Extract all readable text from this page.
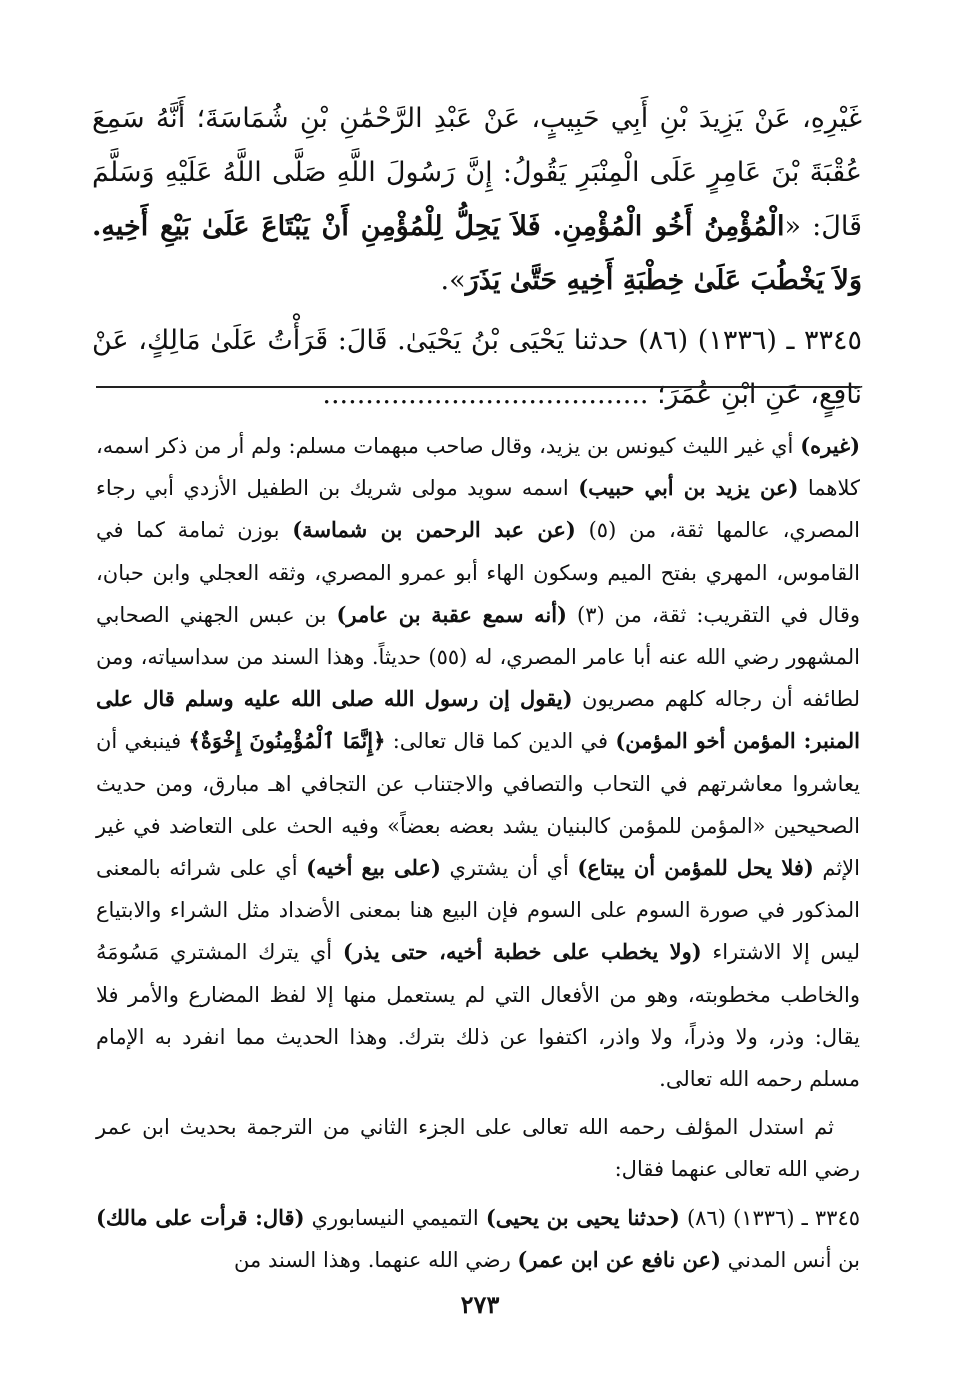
غَيْرِهِ، عَنْ يَزِيدَ بْنِ أَبِي حَبِيبٍ، عَنْ عَبْدِ الرَّحْمَٰنِ بْنِ شُمَاسَةَ؛ أَنَّهُ سَمِعَ عُقْبَةَ بْنَ عَامِرٍ عَلَى الْمِنْبَرِ يَقُولُ: إِنَّ رَسُولَ اللَّهِ صَلَّى اللَّهُ عَلَيْهِ وَسَلَّمَ قَالَ: «الْمُؤْمِنُ أَخُو الْمُؤْمِنِ. فَلاَ يَحِلُّ لِلْمُؤْمِنِ أَنْ يَبْتَاعَ عَلَىٰ بَيْعِ أَخِيهِ. وَلاَ يَخْطُبَ عَلَىٰ خِطْبَةِ أَخِيهِ حَتَّىٰ يَذَرَ».

٣٣٤٥ ـ (١٣٣٦) (٨٦) حدثنا يَحْيَى بْنُ يَحْيَىٰ. قَالَ: قَرَأْتُ عَلَىٰ مَالِكٍ، عَنْ نَافِعٍ، عَنِ ابْنِ عُمَرَ؛ ......................................

(غيره) أي غير الليث كيونس بن يزيد، وقال صاحب مبهمات مسلم: ولم أر من ذكر اسمه، كلاهما (عن يزيد بن أبي حبيب) اسمه سويد مولى شريك بن الطفيل الأزدي أبي رجاء المصري، عالمها ثقة، من (٥) (عن عبد الرحمن بن شماسة) بوزن ثمامة كما في القاموس، المهري بفتح الميم وسكون الهاء أبو عمرو المصري، وثقه العجلي وابن حبان، وقال في التقريب: ثقة، من (٣) (أنه سمع عقبة بن عامر) بن عبس الجهني الصحابي المشهور رضي الله عنه أبا عامر المصري، له (٥٥) حديثاً. وهذا السند من سداسياته، ومن لطائفه أن رجاله كلهم مصريون (يقول إن رسول الله صلى الله عليه وسلم قال على المنبر: المؤمن أخو المؤمن) في الدين كما قال تعالى: ﴿إِنَّمَا ٱلْمُؤْمِنُونَ إِخْوَةٌ﴾ فينبغي أن يعاشروا معاشرتهم في التحاب والتصافي والاجتناب عن التجافي اهـ مبارق، ومن حديث الصحيحين «المؤمن للمؤمن كالبنيان يشد بعضه بعضاً» وفيه الحث على التعاضد في غير الإثم (فلا يحل للمؤمن أن يبتاع) أي أن يشتري (على بيع أخيه) أي على شرائه بالمعنى المذكور في صورة السوم على السوم فإن البيع هنا بمعنى الأضداد مثل الشراء والابتياع ليس إلا الاشتراء (ولا يخطب على خطبة أخيه، حتى يذر) أي يترك المشتري مَسُومَهُ والخاطب مخطوبته، وهو من الأفعال التي لم يستعمل منها إلا لفظ المضارع والأمر فلا يقال: وذر، ولا وذراً، ولا واذر، اكتفوا عن ذلك بترك. وهذا الحديث مما انفرد به الإمام مسلم رحمه الله تعالى.

ثم استدل المؤلف رحمه الله تعالى على الجزء الثاني من الترجمة بحديث ابن عمر رضي الله تعالى عنهما فقال:

٣٣٤٥ ـ (١٣٣٦) (٨٦) (حدثنا يحيى بن يحيى) التميمي النيسابوري (قال: قرأت على مالك) بن أنس المدني (عن نافع عن ابن عمر) رضي الله عنهما. وهذا السند من

٢٧٣
